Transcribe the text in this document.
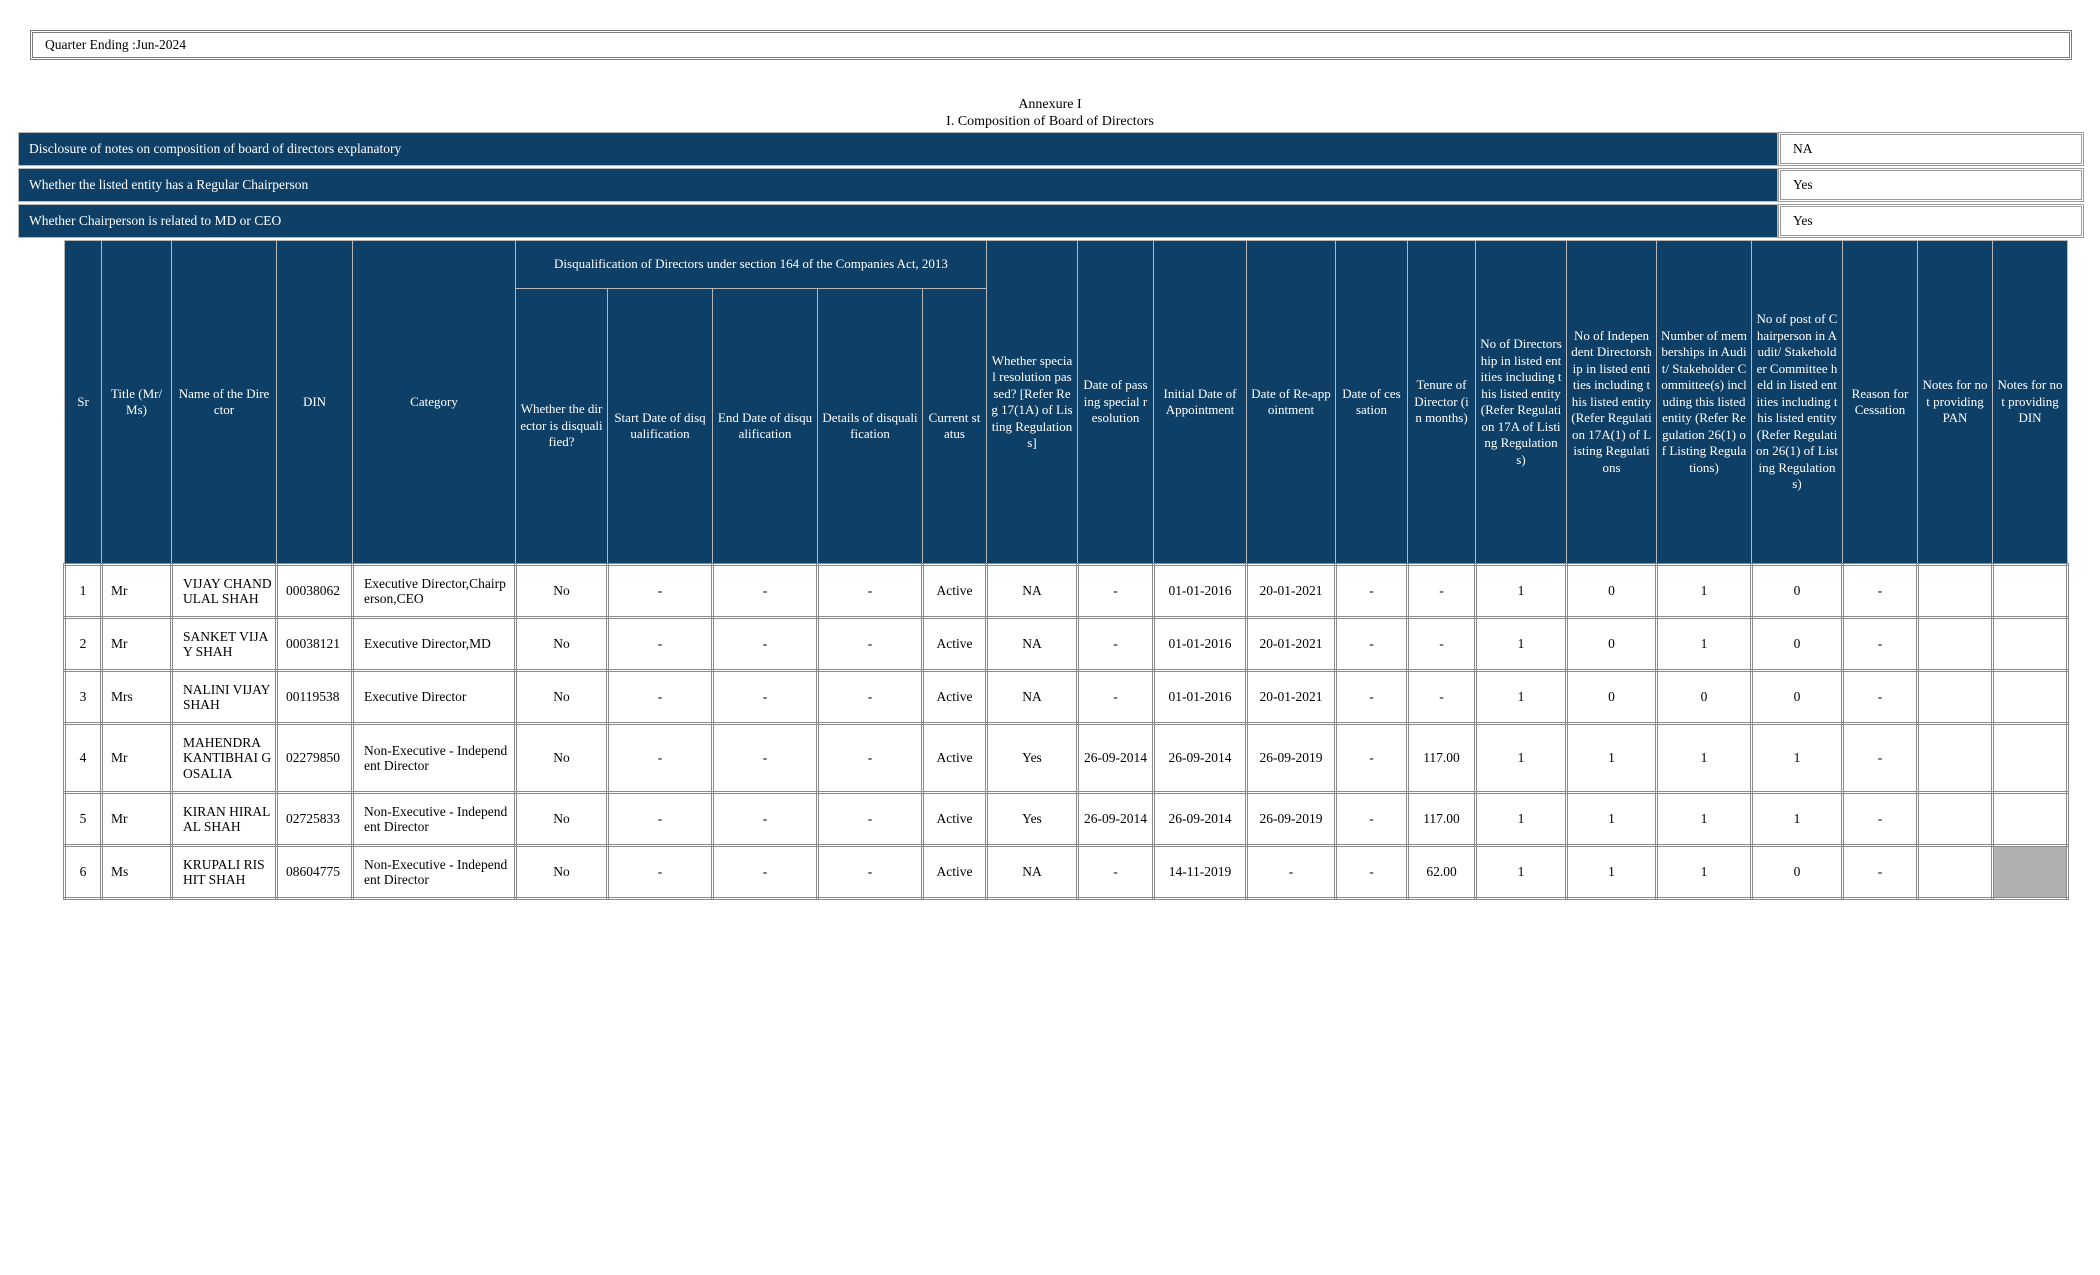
Quarter Ending :Jun-2024
Annexure I
I. Composition of Board of Directors
Disclosure of notes on composition of board of directors explanatory	NA
Whether the listed entity has a Regular Chairperson	Yes
Whether Chairperson is related to MD or CEO	Yes
Sr	Title (Mr/Ms)	Name of the Director	DIN	Category	Disqualification of Directors under section 164 of the Companies Act, 2013					Whether special resolution passed? [Refer Reg 17(1A) of Listing Regulations]	Date of passing special resolution	Initial Date of Appointment	Date of Re-appointment	Date of cessation	Tenure of Director (in months)	No of Directorship in listed entities including this listed entity (Refer Regulation 17A of Listing Regulations)	No of Independent Directorship in listed entities including this listed entity (Refer Regulation 17A(1) of Listing Regulations	Number of memberships in Audit/ Stakeholder Committee(s) including this listed entity (Refer Regulation 26(1) of Listing Regulations)	No of post of Chairperson in Audit/ Stakeholder Committee held in listed entities including this listed entity (Refer Regulation 26(1) of Listing Regulations)	Reason for Cessation	Notes for not providing PAN	Notes for not providing DIN
					Whether the director is disqualified?	Start Date of disqualification	End Date of disqualification	Details of disqualification	Current status													
1	Mr	VIJAY CHANDULAL SHAH	00038062	Executive Director,Chairperson,CEO	No	-	-	-	Active	NA	-	01-01-2016	20-01-2021	-	-	1	0	1	0	-		
2	Mr	SANKET VIJAY SHAH	00038121	Executive Director,MD	No	-	-	-	Active	NA	-	01-01-2016	20-01-2021	-	-	1	0	1	0	-		
3	Mrs	NALINI VIJAY SHAH	00119538	Executive Director	No	-	-	-	Active	NA	-	01-01-2016	20-01-2021	-	-	1	0	0	0	-		
4	Mr	MAHENDRA KANTIBHAI GOSALIA	02279850	Non-Executive - Independent Director	No	-	-	-	Active	Yes	26-09-2014	26-09-2014	26-09-2019	-	117.00	1	1	1	1	-		
5	Mr	KIRAN HIRALAL SHAH	02725833	Non-Executive - Independent Director	No	-	-	-	Active	Yes	26-09-2014	26-09-2014	26-09-2019	-	117.00	1	1	1	1	-		
6	Ms	KRUPALI RISHIT SHAH	08604775	Non-Executive - Independent Director	No	-	-	-	Active	NA	-	14-11-2019	-	-	62.00	1	1	1	0	-		
